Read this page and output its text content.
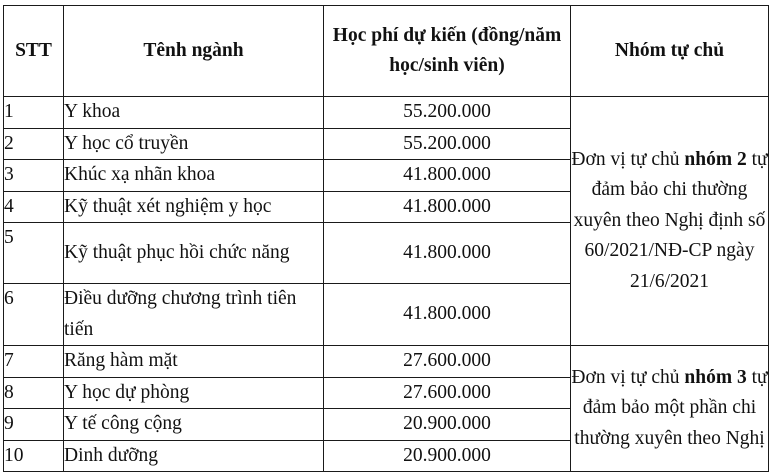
STT	Tênh ngành	Học phí dự kiến (đồng/năm học/sinh viên)	Nhóm tự chủ
1	Y khoa	55.200.000	Đơn vị tự chủ nhóm 2 tự đảm bảo chi thường xuyên theo Nghị định số 60/2021/NĐ-CP ngày 21/6/2021
2	Y học cổ truyền	55.200.000	
3	Khúc xạ nhãn khoa	41.800.000	
4	Kỹ thuật xét nghiệm y học	41.800.000	
5	Kỹ thuật phục hồi chức năng	41.800.000	
6	Điều dưỡng chương trình tiên tiến	41.800.000	
7	Răng hàm mặt	27.600.000	Đơn vị tự chủ nhóm 3 tự đảm bảo một phần chi thường xuyên theo Nghị
8	Y học dự phòng	27.600.000	
9	Y tế công cộng	20.900.000	
10	Dinh dưỡng	20.900.000	
